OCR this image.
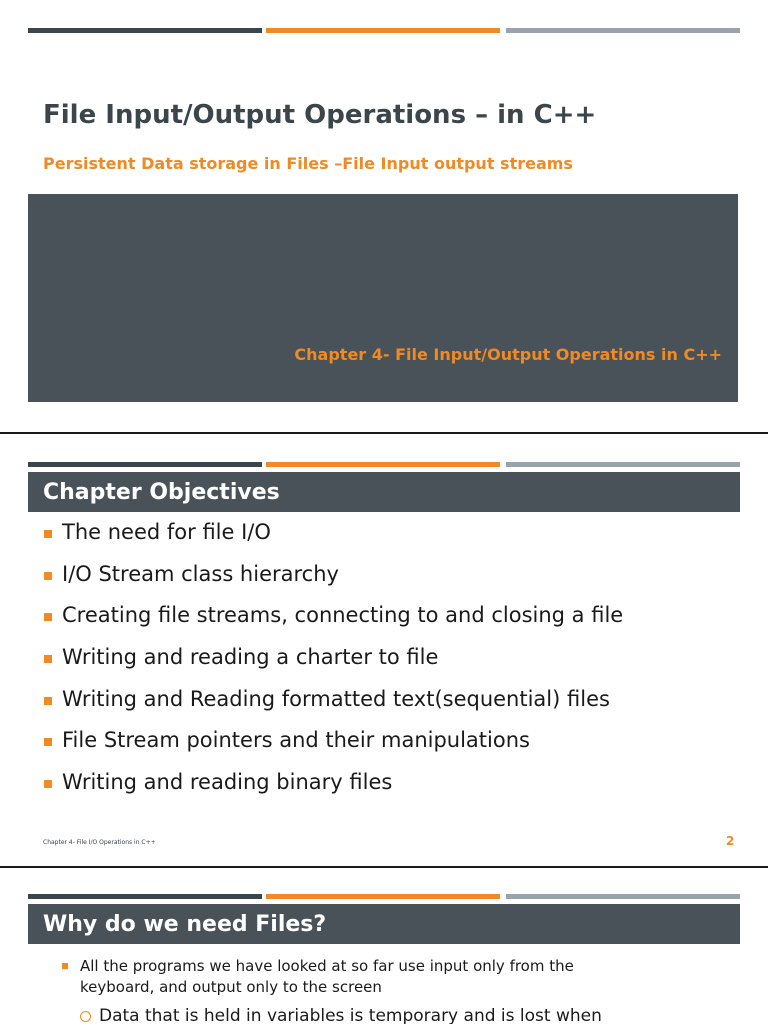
File Input/Output Operations – in C++
Persistent Data storage in Files –File Input output streams
Chapter 4- File Input/Output Operations in C++
Chapter Objectives
The need for file I/O
I/O Stream class hierarchy
Creating file streams, connecting to and closing a file
Writing and reading a charter to file
Writing and Reading formatted text(sequential) files
File Stream pointers and their manipulations
Writing and reading binary files
Chapter 4- File I/O Operations in C++	2
Why do we need Files?
All the programs we have looked at so far use input only from the keyboard, and output only to the screen
Data that is held in variables is temporary and is lost when
